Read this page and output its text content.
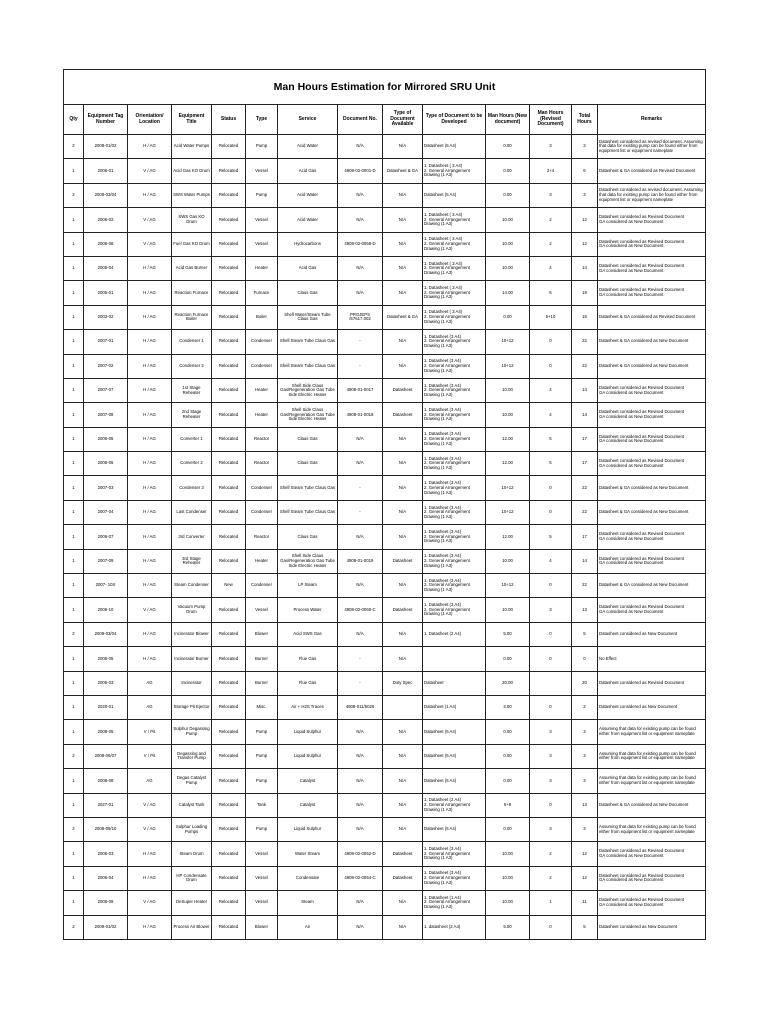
Man Hours Estimation for Mirrored SRU Unit													
Qty	Equipment Tag Number	Orientation/ Location	Equipment Title	Status	Type	Service	Document No.	Type of Document Available	Type of Document to be Developed	Man Hours (New document)	Man Hours (Revised Document)	Total Hours	Remarks
2	2008-01/02	H / AG	Acid Water Pumps	Relocated	Pump	Acid Water	N/A	N/A	Datasheet (5 A4)	0.00	3	3	Datasheet considered as revised document. Assuming that data for existing pump can be found either from equipment list or equipment nameplate
1	2006-01	V / AG	Acid Gas KO Drum	Relocated	Vessel	Acid Gas	4908-02-0001-D	Datasheet & GA	1. Datasheet ( 3 A4)
2. General Arrangement Drawing (1 A3)	0.00	2+4	6	Datasheet & GA considered as Revised Document
2	2008-03/04	H / AG	SWS Water Pumps	Relocated	Pump	Acid Water	N/A	N/A	Datasheet (5 A4)	0.00	3	3	Datasheet considered as revised document. Assuming that data for existing pump can be found either from equipment list or equipment nameplate
1	2006-02	V / AG	SWS Gas KO Drum	Relocated	Vessel	Acid Water	N/A	N/A	1. Datasheet ( 3 A4)
2. General Arrangement Drawing (1 A3)	10.00	2	12	Datasheet considered as Revised Document
GA considered as New Document
1	2006-08	V / AG	Fuel Gas KO Drum	Relocated	Vessel	Hydrocarbons	4908-02-0058-D	N/A	1. Datasheet ( 3 A4)
2. General Arrangement Drawing (1 A3)	10.00	2	12	Datasheet considered as Revised Document
GA considered as New Document
1	2005-04	H / AG	Acid Gas Burner	Relocated	Heater	Acid Gas	N/A	N/A	1. Datasheet ( 3 A4)
2. General Arrangement Drawing (1 A3)	10.00	4	14	Datasheet considered as Revised Document
GA considered as New Document
1	2005-01	H / AG	Reaction Furnace	Relocated	Furnace	Claus Gas	N/A	N/A	1. Datasheet ( 3 A4)
2. General Arrangement Drawing (1 A3)	14.00	5	19	Datasheet considered as Revised Document
GA considered as New Document
1	2003-02	H / AG	Reaction Furnace Boiler	Relocated	Boiler	Shell Water/Steam Tube Claus Gas	PROJEPS /67617.002	Datasheet & GA	1. Datasheet ( 3 A4)
2. General Arrangement Drawing (1 A3)	0.00	5+10	15	Datasheet & GA considered as Revised Document
1	2007-01	H / AG	Condenser 1	Relocated	Condenser	Shell Steam Tube Claus Gas	-	N/A	1. Datasheet (3 A4)
2. General Arrangement Drawing (1 A3)	10+12	0	22	Datasheet & GA considered as New Document
1	2007-02	H / AG	Condenser 2	Relocated	Condenser	Shell Steam Tube Claus Gas	-	N/A	1. Datasheet (3 A4)
2. General Arrangement Drawing (1 A3)	10+12	0	22	Datasheet & GA considered as New Document
1	2007-07	H / AG	1st Stage Reheater	Relocated	Heater	Shell Side Claus Gas/Regeneration Gas Tube Side Electric Heater	4908-01-0017	Datasheet	1. Datasheet (3 A4)
2. General Arrangement Drawing (1 A3)	10.00	4	14	Datasheet considered as Revised Document
GA considered as New Document
1	2007-08	H / AG	2nd Stage Reheater	Relocated	Heater	Shell Side Claus Gas/Regeneration Gas Tube Side Electric Heater	4908-01-0018	Datasheet	1. Datasheet (3 A4)
2. General Arrangement Drawing (1 A3)	10.00	4	14	Datasheet considered as Revised Document
GA considered as New Document
1	2006-05	H / AG	Converter 1	Relocated	Reactor	Claus Gas	N/A	N/A	1. Datasheet (3 A4)
2. General Arrangement Drawing (1 A3)	12.00	5	17	Datasheet considered as Revised Document
GA considered as New Document
1	2006-06	H / AG	Converter 2	Relocated	Reactor	Claus Gas	N/A	N/A	1. Datasheet (3 A4)
2. General Arrangement Drawing (1 A3)	12.00	5	17	Datasheet considered as Revised Document
GA considered as New Document
1	2007-03	H / AG	Condenser 3	Relocated	Condenser	Shell Steam Tube Claus Gas	-	N/A	1. Datasheet (3 A4)
2. General Arrangement Drawing (1 A3)	10+12	0	22	Datasheet & GA considered as New Document
1	2007-04	H / AG	Last Condenser	Relocated	Condenser	Shell Steam Tube Claus Gas	-	N/A	1. Datasheet (3 A4)
2. General Arrangement Drawing (1 A3)	10+12	0	22	Datasheet & GA considered as New Document
1	2006-07	H / AG	3rd Converter	Relocated	Reactor	Claus Gas	N/A	N/A	1. Datasheet (3 A4)
2. General Arrangement Drawing (1 A3)	12.00	5	17	Datasheet considered as Revised Document
GA considered as New Document
1	2007-09	H / AG	3rd Stage Reheater	Relocated	Heater	Shell Side Claus Gas/Regeneration Gas Tube Side Electric Heater	4908-01-0019	Datasheet	1. Datasheet (3 A4)
2. General Arrangement Drawing (1 A3)	10.00	4	14	Datasheet considered as Revised Document
GA considered as New Document
1	2007- 10X	H / AG	Steam Condenser	New	Condenser	LP Steam	N/A	N/A	1. Datasheet (3 A4)
2. General Arrangement Drawing (1 A3)	10+12	0	22	Datasheet & GA considered as New Document
1	2006-10	V / AG	Vacuum Pump Drum	Relocated	Vessel	Process Water	4908-02-0060-C	Datasheet	1. Datasheet (3 A4)
2. General Arrangement Drawing (1 A3)	10.00	3	13	Datasheet considered as Revised Document
GA considered as New Document
2	2009-03/04	H / AG	Incinerator Blower	Relocated	Blower	Acid SWS Gas	N/A	N/A	1. Datasheet (2 A4)	5.00	0	5	Datasheet considered as New Document
1	2005-05	H / AG	Incinerator Burner	Relocated	Burner	Flue Gas	-	N/A		0.00	0	0	No Effect
1	2005-03	AG	Incinerator	Relocated	Burner	Flue Gas	-	Duty Spec	Datasheet	20.00		20	Datasheet considered as Revised Document
1	2020-01	AG	Storage Pit Ejector	Relocated	Misc.	Air + H2S Traces	4908-011/5026		Datasheet (1 A4)	2.00	0	2	Datasheet considered as New Document
1	2008-05	V / Pit	Sulphur Degassing Pump	Relocated	Pump	Liquid Sulphur	N/A	N/A	Datasheet (5 A4)	0.00	3	3	Assuming that data for existing pump can be found either from equipment list or equipment nameplate
2	2008-06/07	V / Pit	Degassing and Transfer Pump	Relocated	Pump	Liquid Sulphur	N/A	N/A	Datasheet (5 A4)	0.00	3	3	Assuming that data for existing pump can be found either from equipment list or equipment nameplate
1	2008-08	AG	Degas Catalyst Pump	Relocated	Pump	Catalyst	N/A	N/A	Datasheet (5 A4)	0.00	3	3	Assuming that data for existing pump can be found either from equipment list or equipment nameplate
1	2027-01	V / AG	Catalyst Tank	Relocated	Tank	Catalyst	N/A	N/A	1. Datasheet (2 A4)
2. General Arrangement Drawing (1 A3)	5+8	0	13	Datasheet & GA considered as New Document
2	2008-09/10	V / AG	Sulphur Loading Pumps	Relocated	Pump	Liquid Sulphur	N/A	N/A	Datasheet (5 A4)	0.00	3	3	Assuming that data for existing pump can be found either from equipment list or equipment nameplate
1	2006-03	H / AG	Steam Drum	Relocated	Vessel	Water Steam	4908-02-0052-D	Datasheet	1. Datasheet (3 A4)
2. General Arrangement Drawing (1 A3)	10.00	2	12	Datasheet considered as Revised Document
GA considered as New Document
1	2006-04	H / AG	HP Condensate Drum	Relocated	Vessel	Condensate	4908-02-0054-C	Datasheet	1. Datasheet (3 A4)
2. General Arrangement Drawing (1 A3)	10.00	2	12	Datasheet considered as Revised Document
GA considered as New Document
1	2006-09	V / AG	DeSuper Heater	Relocated	Vessel	Steam	N/A	N/A	1. Datasheet (1 A4)
2. General Arrangement Drawing (1 A3)	10.00	1	11	Datasheet considered as Revised Document
GA considered as New Document
2	2009-01/02	H / AG	Process Air Blower	Relocated	Blower	Air	N/A	N/A	1. datasheet (2 A4)	5.00	0	5	Datasheet considered as New Document
